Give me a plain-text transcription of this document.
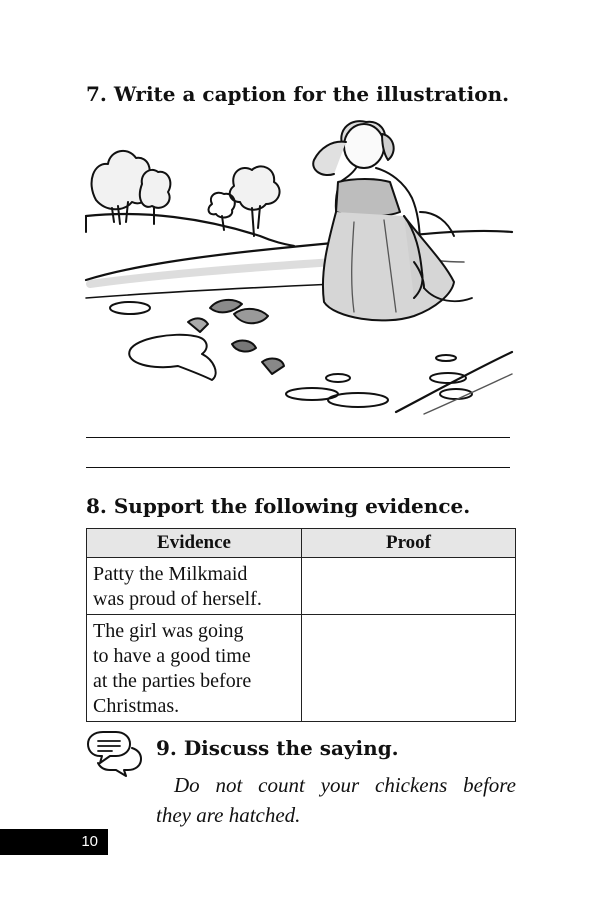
7. Write a caption for the illustration.
8. Support the following evidence.
Evidence	Proof

Patty the Milkmaid
was proud of herself.	

The girl was going
to have a good time
at the parties before
Christmas.	

9. Discuss the saying.
Do not count your chickens before
they are hatched.
10
